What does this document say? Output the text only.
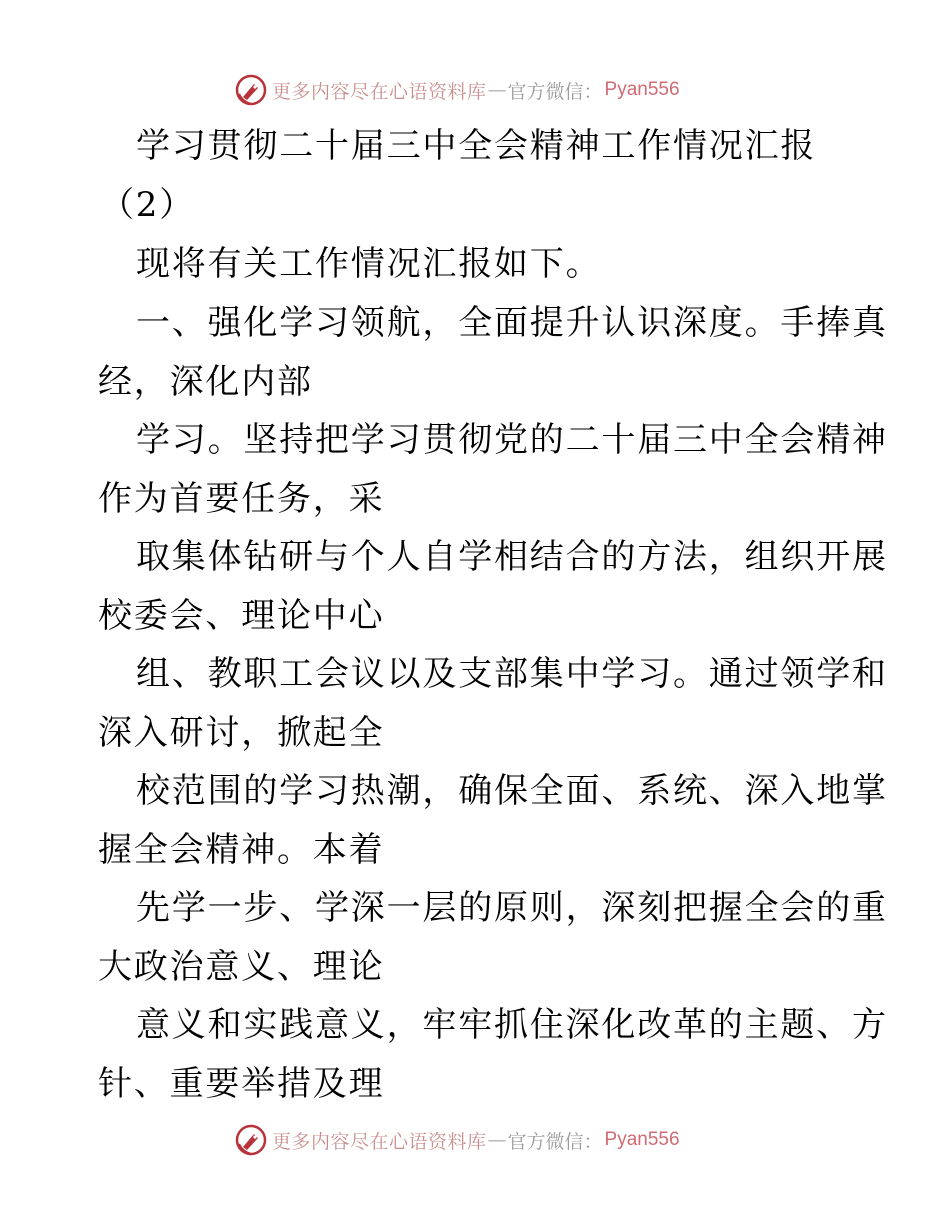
更多内容尽在心语资料库 — 官方微信： Pyan556
学习贯彻二十届三中全会精神工作情况汇报
（2）
现将有关工作情况汇报如下。
一、强化学习领航，全面提升认识深度。手捧真
经，深化内部
学习。坚持把学习贯彻党的二十届三中全会精神
作为首要任务，采
取集体钻研与个人自学相结合的方法，组织开展
校委会、理论中心
组、教职工会议以及支部集中学习。通过领学和
深入研讨，掀起全
校范围的学习热潮，确保全面、系统、深入地掌
握全会精神。本着
先学一步、学深一层的原则，深刻把握全会的重
大政治意义、理论
意义和实践意义，牢牢抓住深化改革的主题、方
针、重要举措及理
更多内容尽在心语资料库 — 官方微信： Pyan556
